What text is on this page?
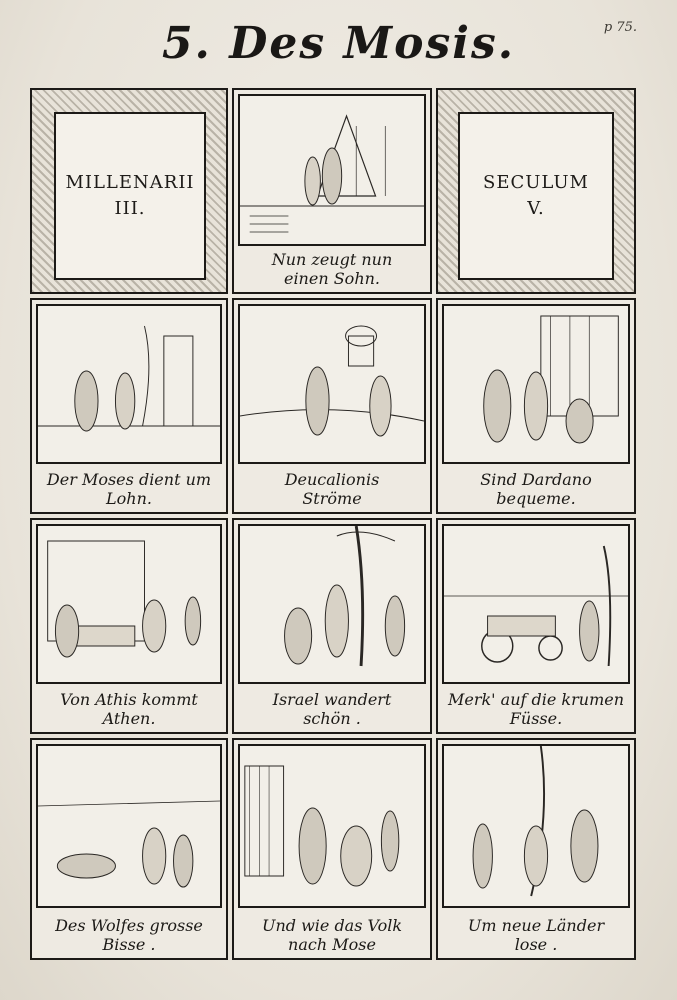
5. Des Mosis.	p 75.
MILLENARII
III.
Nun zeugt nun
einen Sohn.
SECULUM
V.
Der Moses dient um
Lohn.
Deucalionis
Ströme
Sind Dardano
bequeme.
Von Athis kommt
Athen.
Israel wandert
schön .
Merk' auf die krumen
Füsse.
Des Wolfes grosse
Bisse .
Und wie das Volk
nach Mose
Um neue Länder
lose .
